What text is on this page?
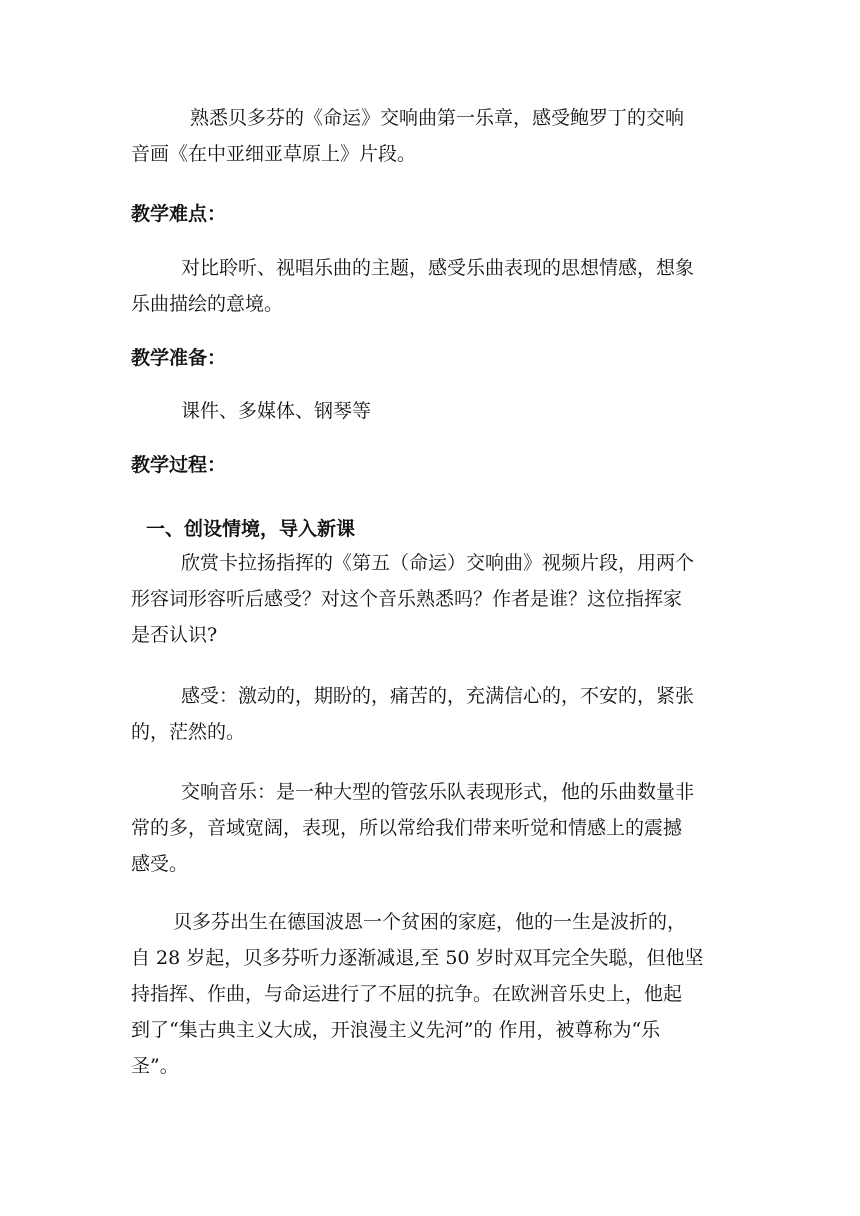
熟悉贝多芬的《命运》交响曲第一乐章，感受鲍罗丁的交响
音画《在中亚细亚草原上》片段。
教学难点：
对比聆听、视唱乐曲的主题，感受乐曲表现的思想情感，想象
乐曲描绘的意境。
教学准备：
课件、多媒体、钢琴等
教学过程：
一、创设情境，导入新课
欣赏卡拉扬指挥的《第五（命运）交响曲》视频片段，用两个
形容词形容听后感受？对这个音乐熟悉吗？作者是谁？这位指挥家
是否认识?
感受：激动的，期盼的，痛苦的，充满信心的，不安的，紧张
的，茫然的。
交响音乐：是一种大型的管弦乐队表现形式，他的乐曲数量非
常的多，音域宽阔，表现，所以常给我们带来听觉和情感上的震撼
感受。
贝多芬出生在德国波恩一个贫困的家庭，他的一生是波折的，
自 28 岁起，贝多芬听力逐渐减退,至 50 岁时双耳完全失聪，但他坚
持指挥、作曲，与命运进行了不屈的抗争。在欧洲音乐史上，他起
到了“集古典主义大成，开浪漫主义先河”的 作用，被尊称为“乐
圣”。
